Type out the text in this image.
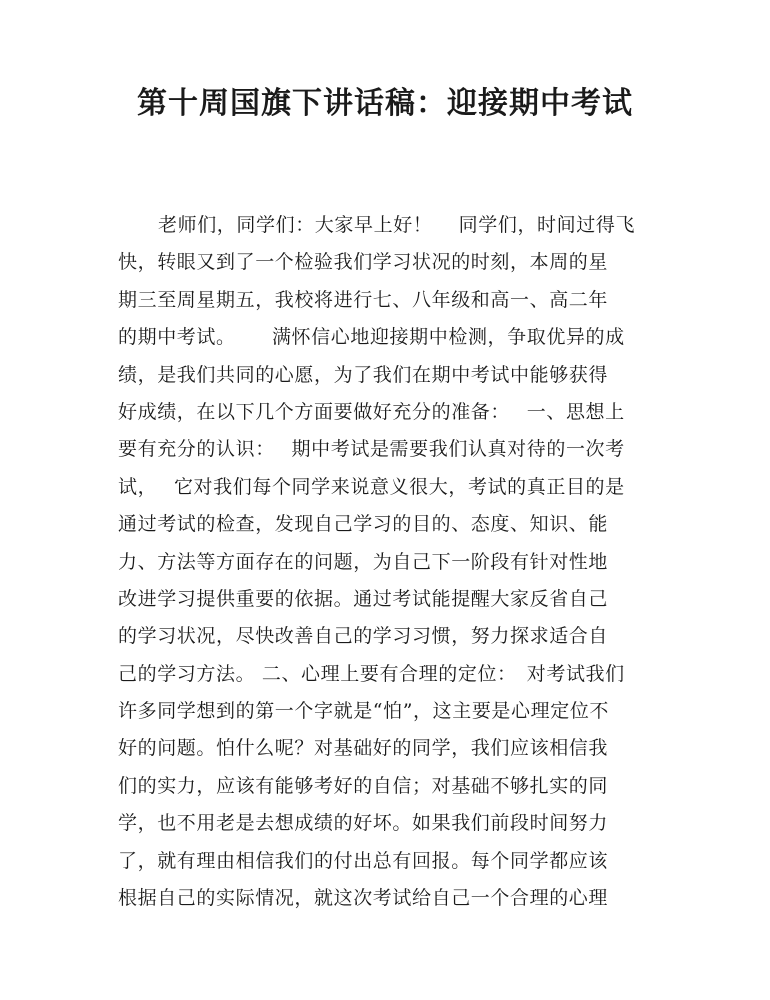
第十周国旗下讲话稿：迎接期中考试
老师们，同学们：大家早上好！　 同学们，时间过得飞
快，转眼又到了一个检验我们学习状况的时刻，本周的星
期三至周星期五，我校将进行七、八年级和高一、高二年
的期中考试。　　 满怀信心地迎接期中检测，争取优异的成
绩，是我们共同的心愿，为了我们在期中考试中能够获得
好成绩，在以下几个方面要做好充分的准备：　 一、思想上
要有充分的认识：　 期中考试是需要我们认真对待的一次考
试，　 它对我们每个同学来说意义很大，考试的真正目的是
通过考试的检查，发现自己学习的目的、态度、知识、能
力、方法等方面存在的问题，为自己下一阶段有针对性地
改进学习提供重要的依据。通过考试能提醒大家反省自己
的学习状况，尽快改善自己的学习习惯，努力探求适合自
己的学习方法。 二、心理上要有合理的定位：　对考试我们
许多同学想到的第一个字就是“怕”，这主要是心理定位不
好的问题。怕什么呢？对基础好的同学，我们应该相信我
们的实力，应该有能够考好的自信；对基础不够扎实的同
学，也不用老是去想成绩的好坏。如果我们前段时间努力
了，就有理由相信我们的付出总有回报。每个同学都应该
根据自己的实际情况，就这次考试给自己一个合理的心理
